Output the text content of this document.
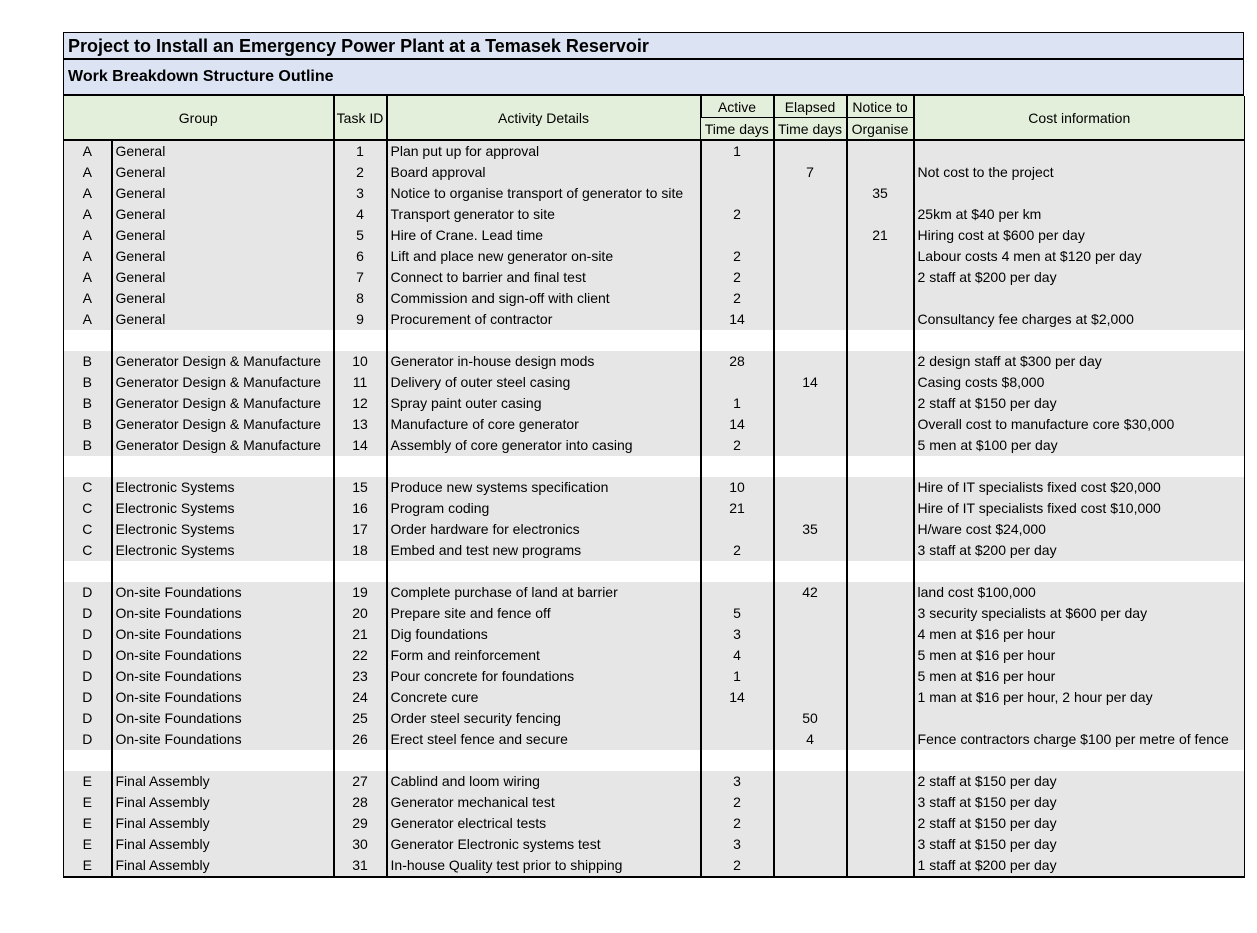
Project to Install an Emergency Power Plant at a Temasek Reservoir
Work Breakdown Structure Outline
Group		Task ID	Activity Details	Active	Elapsed	Notice to	Cost information
				Time days	Time days	Organise	
A	General	1	Plan put up for approval	1			
A	General	2	Board approval		7		Not cost to the project
A	General	3	Notice to organise transport of generator to site			35	
A	General	4	Transport generator to site	2			25km at $40 per km
A	General	5	Hire of Crane. Lead time			21	Hiring cost at $600 per day
A	General	6	Lift and place new generator on-site	2			Labour costs 4 men at $120 per day
A	General	7	Connect to barrier and final test	2			2 staff at $200 per day
A	General	8	Commission and sign-off with client	2			
A	General	9	Procurement of contractor	14			Consultancy fee charges at $2,000

B	Generator Design & Manufacture	10	Generator in-house design mods	28			2 design staff at $300 per day
B	Generator Design & Manufacture	11	Delivery of outer steel casing		14		Casing costs $8,000
B	Generator Design & Manufacture	12	Spray paint outer casing	1			2 staff at $150 per day
B	Generator Design & Manufacture	13	Manufacture of core generator	14			Overall cost to manufacture core $30,000
B	Generator Design & Manufacture	14	Assembly of core generator into casing	2			5 men at $100 per day

C	Electronic Systems	15	Produce new systems specification	10			Hire of IT specialists fixed cost $20,000
C	Electronic Systems	16	Program coding	21			Hire of IT specialists fixed cost $10,000
C	Electronic Systems	17	Order hardware for electronics		35		H/ware cost $24,000
C	Electronic Systems	18	Embed and test new programs	2			3 staff at $200 per day

D	On-site Foundations	19	Complete purchase of land at barrier		42		land cost $100,000
D	On-site Foundations	20	Prepare site and fence off	5			3 security specialists at $600 per day
D	On-site Foundations	21	Dig foundations	3			4 men at $16 per hour
D	On-site Foundations	22	Form and reinforcement	4			5 men at $16 per hour
D	On-site Foundations	23	Pour concrete for foundations	1			5 men at $16 per hour
D	On-site Foundations	24	Concrete cure	14			1 man at $16 per hour, 2 hour per day
D	On-site Foundations	25	Order steel security fencing		50		
D	On-site Foundations	26	Erect steel fence and secure		4		Fence contractors charge $100 per metre of fence

E	Final Assembly	27	Cablind and loom wiring	3			2 staff at $150 per day
E	Final Assembly	28	Generator mechanical test	2			3 staff at $150 per day
E	Final Assembly	29	Generator electrical tests	2			2 staff at $150 per day
E	Final Assembly	30	Generator Electronic systems test	3			3 staff at $150 per day
E	Final Assembly	31	In-house Quality test prior to shipping	2			1 staff at $200 per day
